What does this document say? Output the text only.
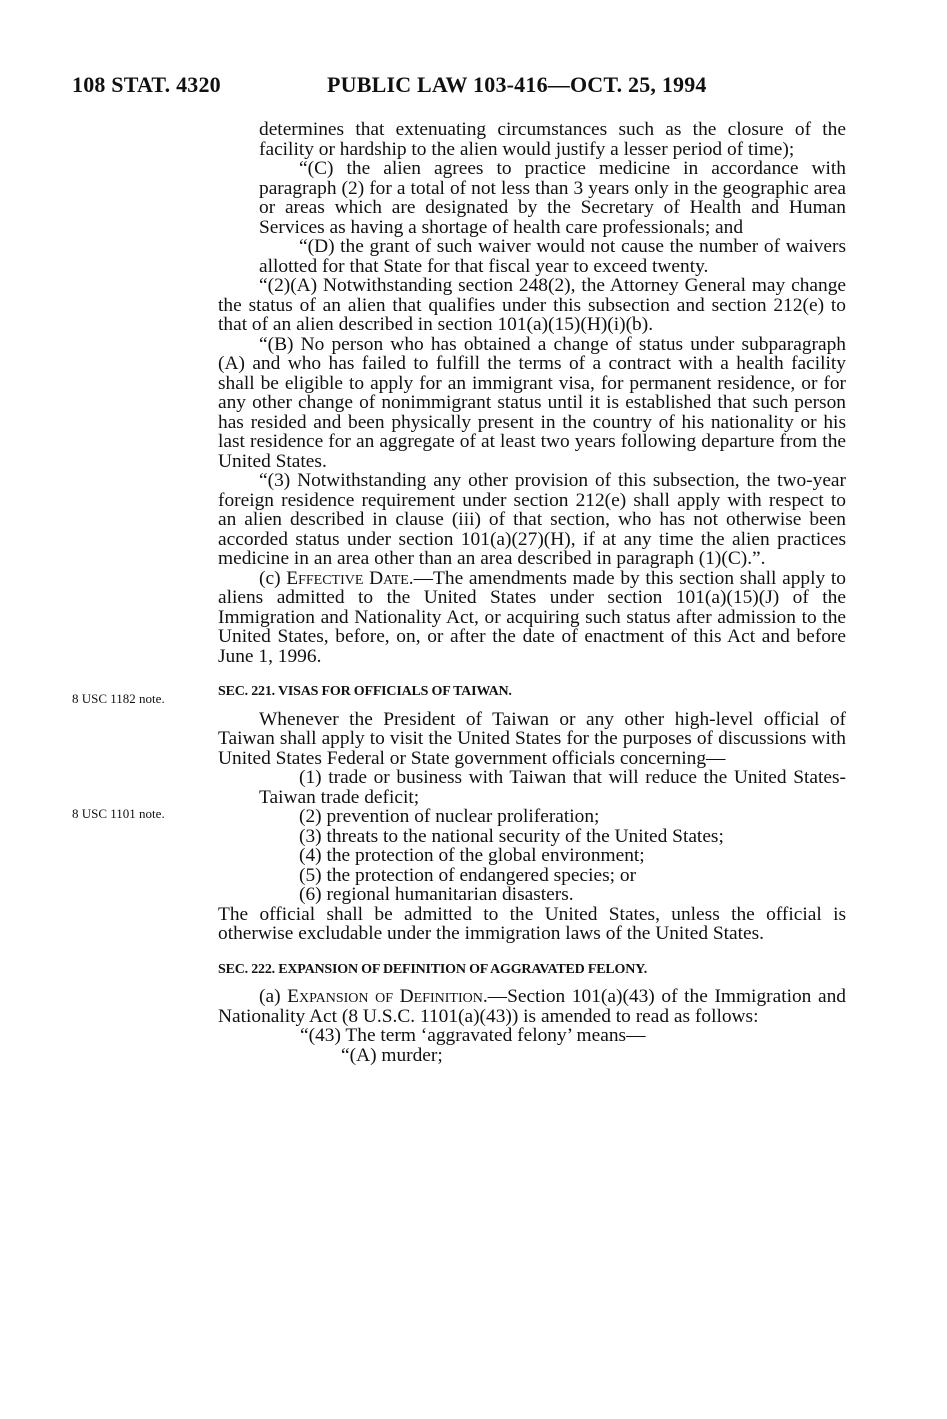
108 STAT. 4320	PUBLIC LAW 103-416—OCT. 25, 1994
8 USC 1182 note.
8 USC 1101 note.

determines that extenuating circumstances such as the closure of the facility or hardship to the alien would justify a lesser period of time);

“(C) the alien agrees to practice medicine in accordance with paragraph (2) for a total of not less than 3 years only in the geographic area or areas which are designated by the Secretary of Health and Human Services as having a shortage of health care professionals; and

“(D) the grant of such waiver would not cause the number of waivers allotted for that State for that fiscal year to exceed twenty.

“(2)(A) Notwithstanding section 248(2), the Attorney General may change the status of an alien that qualifies under this subsection and section 212(e) to that of an alien described in section 101(a)(15)(H)(i)(b).

“(B) No person who has obtained a change of status under subparagraph (A) and who has failed to fulfill the terms of a contract with a health facility shall be eligible to apply for an immigrant visa, for permanent residence, or for any other change of nonimmigrant status until it is established that such person has resided and been physically present in the country of his nationality or his last residence for an aggregate of at least two years following departure from the United States.

“(3) Notwithstanding any other provision of this subsection, the two-year foreign residence requirement under section 212(e) shall apply with respect to an alien described in clause (iii) of that section, who has not otherwise been accorded status under section 101(a)(27)(H), if at any time the alien practices medicine in an area other than an area described in paragraph (1)(C).”.

(c) Effective Date.—The amendments made by this section shall apply to aliens admitted to the United States under section 101(a)(15)(J) of the Immigration and Nationality Act, or acquiring such status after admission to the United States, before, on, or after the date of enactment of this Act and before June 1, 1996.

SEC. 221. VISAS FOR OFFICIALS OF TAIWAN.

Whenever the President of Taiwan or any other high-level official of Taiwan shall apply to visit the United States for the purposes of discussions with United States Federal or State government officials concerning—

(1) trade or business with Taiwan that will reduce the United States-Taiwan trade deficit;

(2) prevention of nuclear proliferation;

(3) threats to the national security of the United States;

(4) the protection of the global environment;

(5) the protection of endangered species; or

(6) regional humanitarian disasters.

The official shall be admitted to the United States, unless the official is otherwise excludable under the immigration laws of the United States.

SEC. 222. EXPANSION OF DEFINITION OF AGGRAVATED FELONY.

(a) Expansion of Definition.—Section 101(a)(43) of the Immigration and Nationality Act (8 U.S.C. 1101(a)(43)) is amended to read as follows:

“(43) The term ‘aggravated felony’ means—

“(A) murder;
